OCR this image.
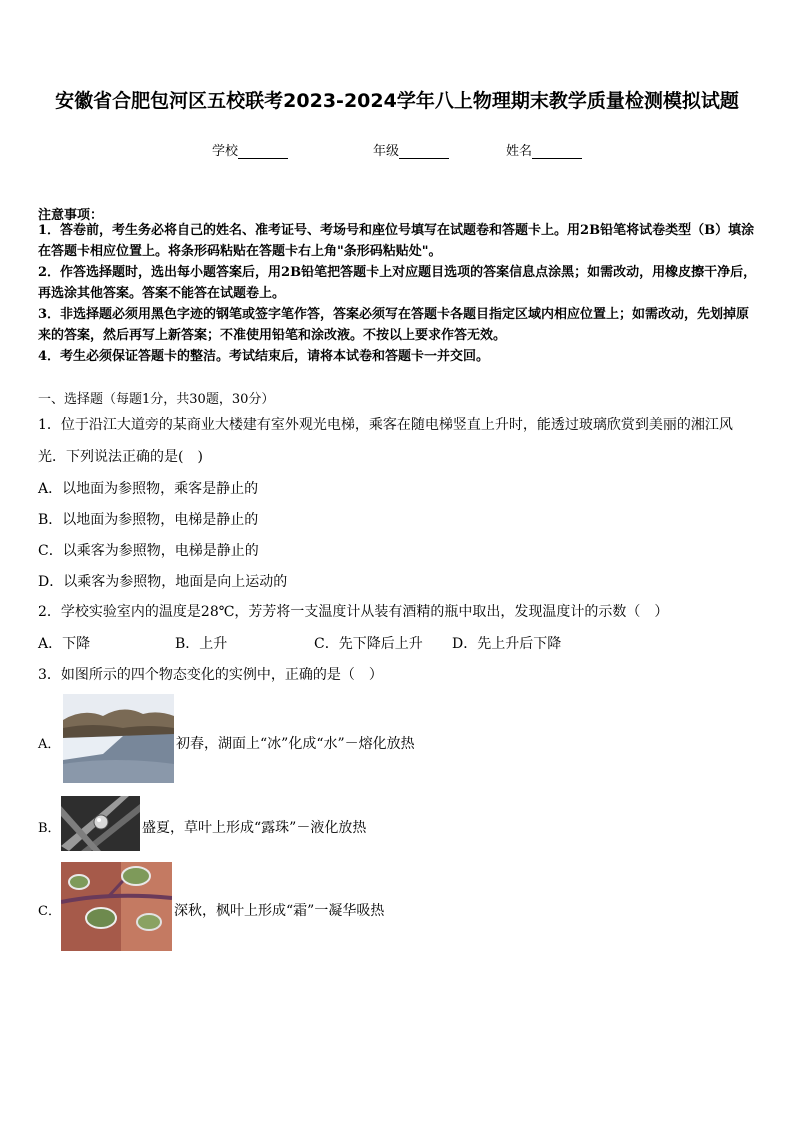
安徽省合肥包河区五校联考2023-2024学年八上物理期末教学质量检测模拟试题
学校	年级	姓名
注意事项：
1．答卷前，考生务必将自己的姓名、准考证号、考场号和座位号填写在试题卷和答题卡上。用2B铅笔将试卷类型（B）填涂在答题卡相应位置上。将条形码粘贴在答题卡右上角"条形码粘贴处"。
2．作答选择题时，选出每小题答案后，用2B铅笔把答题卡上对应题目选项的答案信息点涂黑；如需改动，用橡皮擦干净后，再选涂其他答案。答案不能答在试题卷上。
3．非选择题必须用黑色字迹的钢笔或签字笔作答，答案必须写在答题卡各题目指定区域内相应位置上；如需改动，先划掉原来的答案，然后再写上新答案；不准使用铅笔和涂改液。不按以上要求作答无效。
4．考生必须保证答题卡的整洁。考试结束后，请将本试卷和答题卡一并交回。
一、选择题（每题1分，共30题，30分）
1．位于沿江大道旁的某商业大楼建有室外观光电梯，乘客在随电梯竖直上升时，能透过玻璃欣赏到美丽的湘江风
光．下列说法正确的是(　)
A．以地面为参照物，乘客是静止的
B．以地面为参照物，电梯是静止的
C．以乘客为参照物，电梯是静止的
D．以乘客为参照物，地面是向上运动的
2．学校实验室内的温度是28℃，芳芳将一支温度计从装有酒精的瓶中取出，发现温度计的示数（　）
A．下降	B．上升	C．先下降后上升 D．先上升后下降
3．如图所示的四个物态变化的实例中，正确的是（　）
A．	初春，湖面上“冰”化成“水”－熔化放热
B．	盛夏，草叶上形成“露珠”－液化放热
C．	深秋，枫叶上形成“霜”一凝华吸热
